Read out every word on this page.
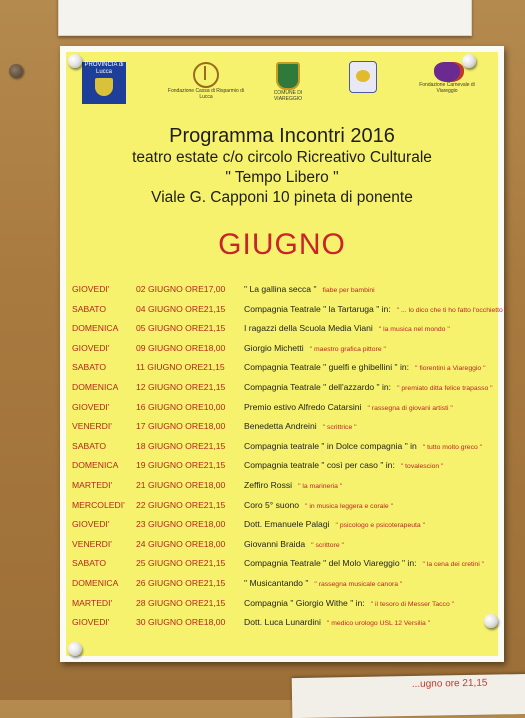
PROVINCIA di Lucca
Fondazione Cassa di Risparmio di Lucca
COMUNE DI VIAREGGIO
Fondazione Carnevale di Viareggio
Programma Incontri 2016
teatro estate c/o circolo Ricreativo Culturale
" Tempo Libero "
Viale G. Capponi 10 pineta di ponente
GIUGNO
GIOVEDI'	02 GIUGNO ORE17,00 " La gallina secca " fiabe per bambini
SABATO	04 GIUGNO ORE21,15 Compagnia Teatrale " la Tartaruga " in: " ... lo dico che ti ho fatto l'occhietto "
DOMENICA	05 GIUGNO ORE21,15 I ragazzi della Scuola Media Viani " la musica nel mondo "
GIOVEDI'	09 GIUGNO ORE18,00 Giorgio Michetti " maestro grafica pittore "
SABATO	11 GIUGNO ORE21,15 Compagnia Teatrale " guelfi e ghibellini " in: " fiorentini a Viareggio "
DOMENICA	12 GIUGNO ORE21,15 Compagnia Teatrale " dell'azzardo " in: " premiato ditta felice trapasso "
GIOVEDI'	16 GIUGNO ORE10,00 Premio estivo Alfredo Catarsini " rassegna di giovani artisti "
VENERDI'	17 GIUGNO ORE18,00 Benedetta Andreini " scrittrice "
SABATO	18 GIUGNO ORE21,15 Compagnia teatrale " in Dolce compagnia " in " tutto molto greco "
DOMENICA	19 GIUGNO ORE21,15 Compagnia teatrale " così per caso " in: " tovalescion "
MARTEDI'	21 GIUGNO ORE18,00 Zeffiro Rossi " la marineria "
MERCOLEDI'	22 GIUGNO ORE21,15 Coro 5° suono " in musica leggera e corale "
GIOVEDI'	23 GIUGNO ORE18,00 Dott. Emanuele Palagi " psicologo e psicoterapeuta "
VENERDI'	24 GIUGNO ORE18,00 Giovanni Braida " scrittore "
SABATO	25 GIUGNO ORE21,15 Compagnia Teatrale " del Molo Viareggio " in: " la cena dei cretini "
DOMENICA	26 GIUGNO ORE21,15 " Musicantando " " rassegna musicale canora "
MARTEDI'	28 GIUGNO ORE21,15 Compagnia " Giorgio Withe " in: " il tesoro di Messer Tacco "
GIOVEDI'	30 GIUGNO ORE18,00 Dott. Luca Lunardini " medico urologo USL 12 Versilia "
...ugno ore 21,15
